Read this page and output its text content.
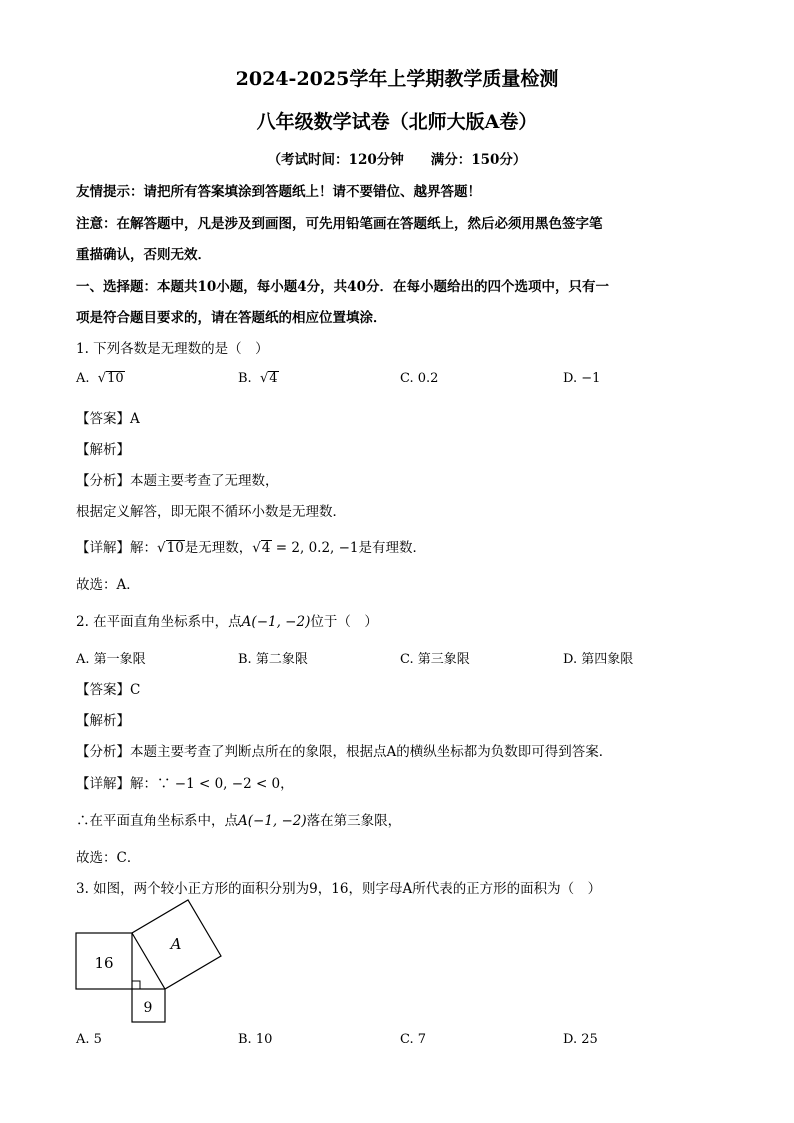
2024-2025学年上学期教学质量检测
八年级数学试卷（北师大版A卷）
（考试时间：120分钟　　满分：150分）
友情提示：请把所有答案填涂到答题纸上！请不要错位、越界答题！
注意：在解答题中，凡是涉及到画图，可先用铅笔画在答题纸上，然后必须用黑色签字笔
重描确认，否则无效．
一、选择题：本题共10小题，每小题4分，共40分．在每小题给出的四个选项中，只有一
项是符合题目要求的，请在答题纸的相应位置填涂．
1. 下列各数是无理数的是（　）
A.  √10	B.  √4	C. 0.2	D. −1
【答案】A
【解析】
【分析】本题主要考查了无理数，
根据定义解答，即无限不循环小数是无理数．
【详解】解：√10是无理数，√4 = 2, 0.2, −1是有理数．
故选：A．
2. 在平面直角坐标系中，点A(−1, −2)位于（　）
A. 第一象限	B. 第二象限	C. 第三象限	D. 第四象限
【答案】C
【解析】
【分析】本题主要考查了判断点所在的象限，根据点A的横纵坐标都为负数即可得到答案．
【详解】解：∵ −1 < 0, −2 < 0，
∴在平面直角坐标系中，点A(−1, −2)落在第三象限，
故选：C．
3. 如图，两个较小正方形的面积分别为9，16，则字母A所代表的正方形的面积为（　）
16
9
A
A. 5	B. 10	C. 7	D. 25
